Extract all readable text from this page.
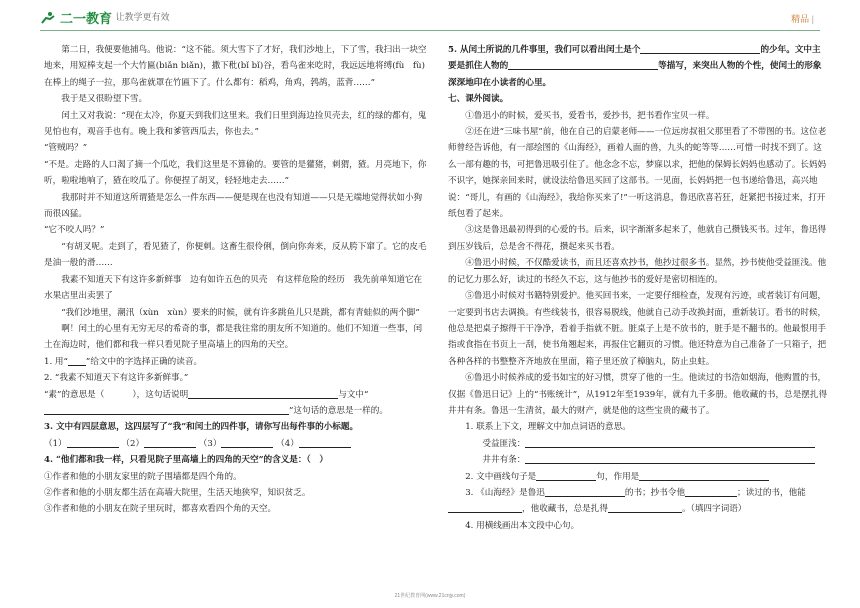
二一教育
/ 让教学更有效	精品 |

第二日，我便要他捕鸟。他说：“这不能。须大雪下了才好，我们沙地上，下了雪，我扫出一块空地来，用短棒支起一个大竹匾(biǎn biǎn)，撒下秕(bǐ bǐ)谷，看鸟雀来吃时，我远远地将缚(fù　fù)在棒上的绳子一拉，那鸟雀就罩在竹匾下了。什么都有：稻鸡，角鸡，鹁鸪，蓝背……”

我于是又很盼望下雪。

闰土又对我说：“现在太冷，你夏天到我们这里来。我们日里到海边捡贝壳去，红的绿的都有，鬼见怕也有，观音手也有。晚上我和爹管西瓜去，你也去。”

“管贼吗？”

“不是。走路的人口渴了摘一个瓜吃，我们这里是不算偷的。要管的是獾猪，刺猬，猹。月亮地下，你听，啦啦地响了，猹在咬瓜了。你便捏了胡叉，轻轻地走去……”

我那时并不知道这所谓猹是怎么一件东西——便是现在也没有知道——只是无端地觉得状如小狗而很凶猛。

“它不咬人吗？”

“有胡叉呢。走到了，看见猹了，你便刺。这畜生很伶俐，倒向你奔来，反从胯下窜了。它的皮毛是油一般的滑……

我素不知道天下有这许多新鲜事　边有如许五色的贝壳　有这样危险的经历　我先前单知道它在水果店里出卖罢了

“我们沙地里，潮汛（xùn　xùn）要来的时候，就有许多跳鱼儿只是跳，都有青蛙似的两个脚”

啊！闰土的心里有无穷无尽的希奇的事，都是我往常的朋友所不知道的。他们不知道一些事，闰土在海边时，他们都和我一样只看见院子里高墙上的四角的天空。

1. 用“ ”给文中的字选择正确的读音。

2. “我素不知道天下有这许多新鲜事。”

“素”的意思是（	），这句话说明	与文中“

”这句话的意思是一样的。

3. 文中有四层意思，这四层写了“我”和闰土的四件事，请你写出每件事的小标题。

（1）	（2）	（3）	（4）

4. “他们都和我一样，只看见院子里高墙上的四角的天空”的含义是：（　）

①作者和他的小朋友家里的院子围墙都是四个角的。

②作者和他的小朋友都生活在高墙大院里，生活天地狭窄，知识贫乏。

③作者和他的小朋友在院子里玩时，都喜欢看四个角的天空。

5. 从闰土所说的几件事里，我们可以看出闰土是个	的少年。文中主要是抓住人物的	等描写，来突出人物的个性，使闰土的形象深深地印在小读者的心里。

七、课外阅读。

①鲁迅小的时候，爱买书，爱看书，爱抄书，把书看作宝贝一样。

②还在进“三味书屋”前，他在自己的启蒙老师——一位远房叔祖父那里看了不带图的书。这位老师曾经告诉他，有一部绘图的《山海经》，画着人面的兽，九头的蛇等等……可惜一时找不到了。这么一部有趣的书，可把鲁迅吸引住了。他念念不忘，梦寐以求，把他的保姆长妈妈也感动了。长妈妈不识字，她探亲回来时，就设法给鲁迅买回了这部书。一见面，长妈妈把一包书递给鲁迅，高兴地说：“哥儿，有画的《山海经》，我给你买来了!”一听这消息，鲁迅欣喜若狂，赶紧把书接过来，打开纸包看了起来。

③这是鲁迅最初得到的心爱的书。后来，识字渐渐多起来了，他就自己攒钱买书。过年，鲁迅得到压岁钱后，总是舍不得花，攒起来买书看。

④鲁迅小时候，不仅酷爱读书，而且还喜欢抄书，他抄过很多书。显然，抄书使他受益匪浅。他的记忆力那么好，读过的书经久不忘，这与他抄书的爱好是密切相连的。

⑤鲁迅小时候对书籍特别爱护。他买回书来，一定要仔细检查，发现有污迹，或者装订有问题，一定要到书店去调换。有些线装书，很容易脱线，他就自己动手改换封面，重新装订。看书的时候，他总是把桌子擦得干干净净，看着手指就不脏。脏桌子上是不放书的，脏手是不翻书的。他最恨用手指或食指在书页上一刮，使书角翘起来，再报住它翻页的习惯。他还特意为自己准备了一只箱子，把各种各样的书整整齐齐地放在里面，箱子里还放了樟脑丸，防止虫蛀。

⑥鲁迅小时候养成的爱书如宝的好习惯，贯穿了他的一生。他读过的书浩如烟海，他购置的书，仅据《鲁迅日记》上的“书账统计”，从1912年至1939年，就有九千多册。他收藏的书，总是摆扎得井井有条。鲁迅一生清贫，最大的财产，就是他的这些宝贵的藏书了。

1. 联系上下文，理解文中加点词语的意思。

受益匪浅：

井井有条：

2. 文中画线句子是	句，作用是

3. 《山海经》是鲁迅	的书；抄书令他	；读过的书，他能 ，他收藏书，总是扎得	。（填四字词语）

4. 用横线画出本文段中心句。

21世纪教育网(www.21cnjy.com)
